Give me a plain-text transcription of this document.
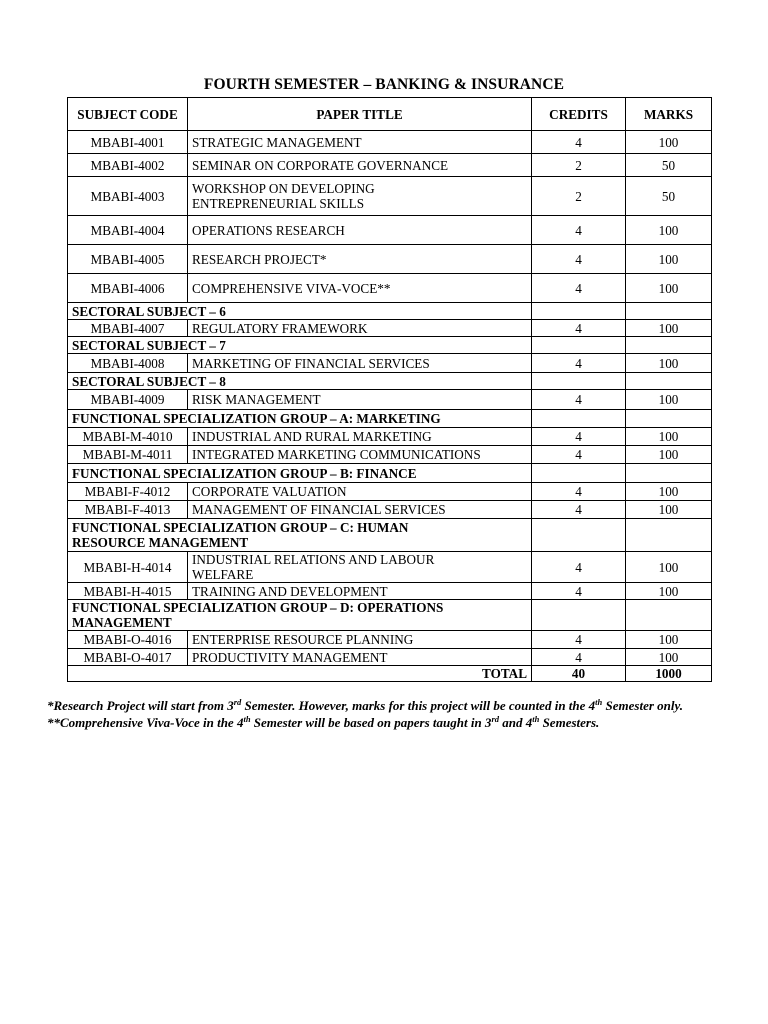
FOURTH SEMESTER – BANKING & INSURANCE
SUBJECT CODE	PAPER TITLE	CREDITS	MARKS
MBABI-4001	STRATEGIC MANAGEMENT	4	100
MBABI-4002	SEMINAR ON CORPORATE GOVERNANCE	2	50
MBABI-4003	WORKSHOP ON DEVELOPING
ENTREPRENEURIAL SKILLS	2	50
MBABI-4004	OPERATIONS RESEARCH	4	100
MBABI-4005	RESEARCH PROJECT*	4	100
MBABI-4006	COMPREHENSIVE VIVA-VOCE**	4	100
SECTORAL SUBJECT – 6			
MBABI-4007	REGULATORY FRAMEWORK	4	100
SECTORAL SUBJECT – 7			
MBABI-4008	MARKETING OF FINANCIAL SERVICES	4	100
SECTORAL SUBJECT – 8			
MBABI-4009	RISK MANAGEMENT	4	100
FUNCTIONAL SPECIALIZATION GROUP – A: MARKETING			
MBABI-M-4010	INDUSTRIAL AND RURAL MARKETING	4	100
MBABI-M-4011	INTEGRATED MARKETING COMMUNICATIONS	4	100
FUNCTIONAL SPECIALIZATION GROUP – B: FINANCE			
MBABI-F-4012	CORPORATE VALUATION	4	100
MBABI-F-4013	MANAGEMENT OF FINANCIAL SERVICES	4	100
FUNCTIONAL SPECIALIZATION GROUP – C: HUMAN
RESOURCE MANAGEMENT			
MBABI-H-4014	INDUSTRIAL RELATIONS AND LABOUR
WELFARE	4	100
MBABI-H-4015	TRAINING AND DEVELOPMENT	4	100
FUNCTIONAL SPECIALIZATION GROUP – D: OPERATIONS
MANAGEMENT			
MBABI-O-4016	ENTERPRISE RESOURCE PLANNING	4	100
MBABI-O-4017	PRODUCTIVITY MANAGEMENT	4	100
TOTAL		40	1000
*Research Project will start from 3rd Semester. However, marks for this project will be counted in the 4th Semester only.
**Comprehensive Viva-Voce in the 4th Semester will be based on papers taught in 3rd and 4th Semesters.
